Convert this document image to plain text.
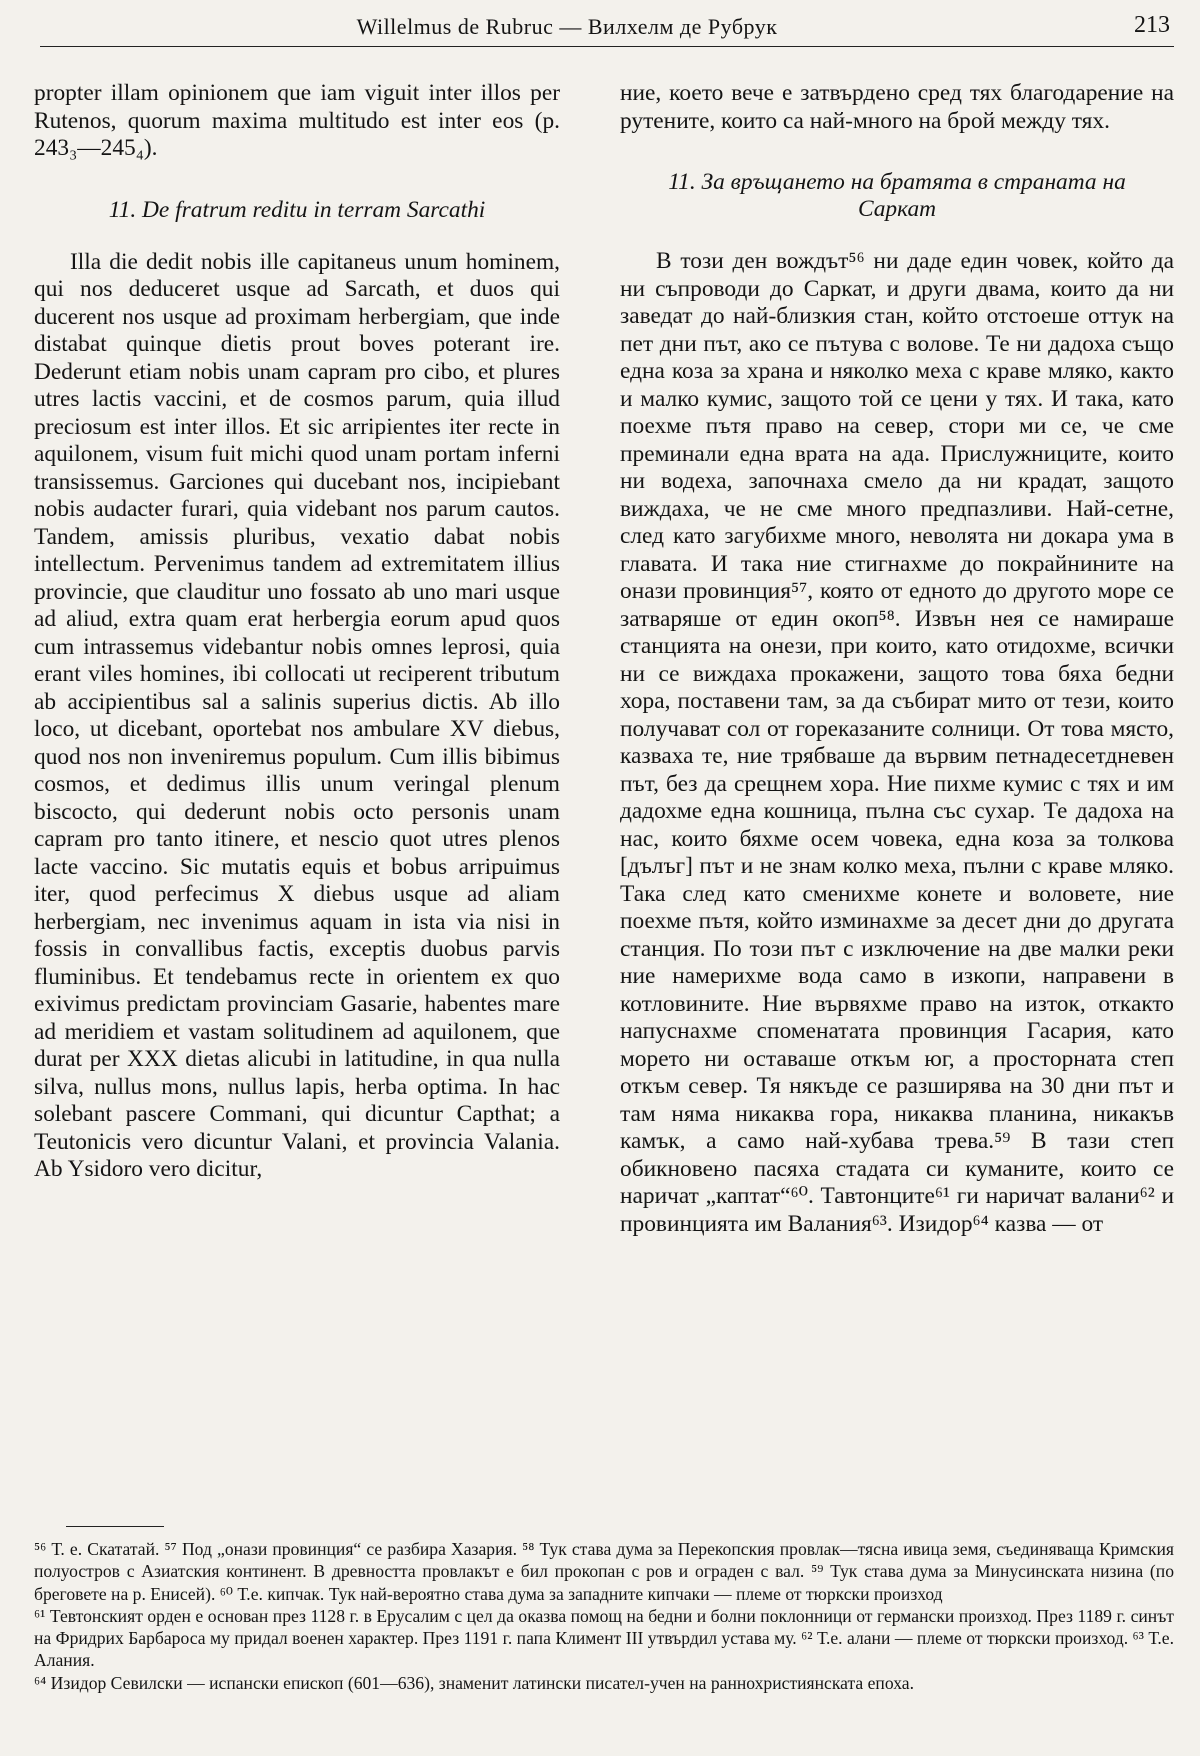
Willelmus de Rubruc — Вилхелм де Рубрук	213

propter illam opinionem que iam viguit inter illos per Rutenos, quorum maxima multitudo est inter eos (p. 243₃—245₄).

11. De fratrum reditu in terram Sarcathi

Illa die dedit nobis ille capitaneus unum hominem, qui nos deduceret usque ad Sarcath, et duos qui ducerent nos usque ad proximam herbergiam, que inde distabat quinque dietis prout boves poterant ire. Dederunt etiam nobis unam capram pro cibo, et plures utres lactis vaccini, et de cosmos parum, quia illud preciosum est inter illos. Et sic arripientes iter recte in aquilonem, visum fuit michi quod unam portam inferni transissemus. Garciones qui ducebant nos, incipiebant nobis audacter furari, quia videbant nos parum cautos. Tandem, amissis pluribus, vexatio dabat nobis intellectum. Pervenimus tandem ad extremitatem illius provincie, que clauditur uno fossato ab uno mari usque ad aliud, extra quam erat herbergia eorum apud quos cum intrassemus videbantur nobis omnes leprosi, quia erant viles homines, ibi collocati ut reciperent tributum ab accipientibus sal a salinis superius dictis. Ab illo loco, ut dicebant, oportebat nos ambulare XV diebus, quod nos non inveniremus populum. Cum illis bibimus cosmos, et dedimus illis unum veringal plenum biscocto, qui dederunt nobis octo personis unam capram pro tanto itinere, et nescio quot utres plenos lacte vaccino. Sic mutatis equis et bobus arripuimus iter, quod perfecimus X diebus usque ad aliam herbergiam, nec invenimus aquam in ista via nisi in fossis in convallibus factis, exceptis duobus parvis fluminibus. Et tendebamus recte in orientem ex quo exivimus predictam provinciam Gasarie, habentes mare ad meridiem et vastam solitudinem ad aquilonem, que durat per XXX dietas alicubi in latitudine, in qua nulla silva, nullus mons, nullus lapis, herba optima. In hac solebant pascere Commani, qui dicuntur Capthat; a Teutonicis vero dicuntur Valani, et provincia Valania. Ab Ysidoro vero dicitur,

ние, което вече е затвърдено сред тях благодарение на рутените, които са най-много на брой между тях.

11. За връщането на братята в страната на Саркат

В този ден вождът⁵⁶ ни даде един човек, който да ни съпроводи до Саркат, и други двама, които да ни заведат до най-близкия стан, който отстоеше оттук на пет дни път, ако се пътува с волове. Те ни дадоха също една коза за храна и няколко меха с краве мляко, както и малко кумис, защото той се цени у тях. И така, като поехме пътя право на север, стори ми се, че сме преминали една врата на ада. Прислужниците, които ни водеха, започнаха смело да ни крадат, защото виждаха, че не сме много предпазливи. Най-сетне, след като загубихме много, неволята ни докара ума в главата. И така ние стигнахме до покрайнините на онази провинция⁵⁷, която от едното до другото море се затваряше от един окоп⁵⁸. Извън нея се намираше станцията на онези, при които, като отидохме, всички ни се виждаха прокажени, защото това бяха бедни хора, поставени там, за да събират мито от тези, които получават сол от гореказаните солници. От това място, казваха те, ние трябваше да вървим петнадесетдневен път, без да срещнем хора. Ние пихме кумис с тях и им дадохме една кошница, пълна със сухар. Те дадоха на нас, които бяхме осем човека, една коза за толкова [дълъг] път и не знам колко меха, пълни с краве мляко. Така след като сменихме конете и воловете, ние поехме пътя, който изминахме за десет дни до другата станция. По този път с изключение на две малки реки ние намерихме вода само в изкопи, направени в котловините. Ние вървяхме право на изток, откакто напуснахме споменатата провинция Гасария, като морето ни оставаше откъм юг, а просторната степ откъм север. Тя някъде се разширява на 30 дни път и там няма никаква гора, никаква планина, никакъв камък, а само най-хубава трева.⁵⁹ В тази степ обикновено пасяха стадата си куманите, които се наричат „каптат“⁶⁰. Тавтонците⁶¹ ги наричат валани⁶² и провинцията им Валания⁶³. Изидор⁶⁴ казва — от

⁵⁶ Т. е. Скататай. ⁵⁷ Под „онази провинция“ се разбира Хазария. ⁵⁸ Тук става дума за Перекопския провлак—тясна ивица земя, съединяваща Кримския полуостров с Азиатския континент. В древността провлакът е бил прокопан с ров и ограден с вал. ⁵⁹ Тук става дума за Минусинската низина (по бреговете на р. Енисей). ⁶⁰ Т.е. кипчак. Тук най-вероятно става дума за западните кипчаки — племе от тюркски произход

⁶¹ Тевтонският орден е основан през 1128 г. в Ерусалим с цел да оказва помощ на бедни и болни поклонници от германски произход. През 1189 г. синът на Фридрих Барбароса му придал военен характер. През 1191 г. папа Климент III утвърдил устава му. ⁶² Т.е. алани — племе от тюркски произход. ⁶³ Т.е. Алания.

⁶⁴ Изидор Севилски — испански епископ (601—636), знаменит латински писател-учен на раннохристиянската епоха.
